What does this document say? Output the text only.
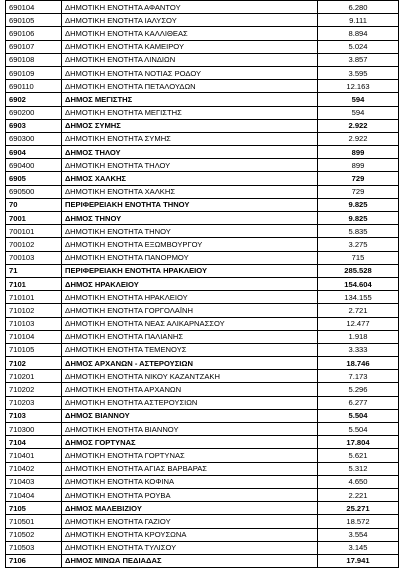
690104	ΔΗΜΟΤΙΚΗ ΕΝΟΤΗΤΑ ΑΦΑΝΤΟΥ	6.280
690105	ΔΗΜΟΤΙΚΗ ΕΝΟΤΗΤΑ ΙΑΛΥΣΟΥ	9.111
690106	ΔΗΜΟΤΙΚΗ ΕΝΟΤΗΤΑ ΚΑΛΛΙΘΕΑΣ	8.894
690107	ΔΗΜΟΤΙΚΗ ΕΝΟΤΗΤΑ ΚΑΜΕΙΡΟΥ	5.024
690108	ΔΗΜΟΤΙΚΗ ΕΝΟΤΗΤΑ ΛΙΝΔΙΩΝ	3.857
690109	ΔΗΜΟΤΙΚΗ ΕΝΟΤΗΤΑ ΝΟΤΙΑΣ ΡΟΔΟΥ	3.595
690110	ΔΗΜΟΤΙΚΗ ΕΝΟΤΗΤΑ ΠΕΤΑΛΟΥΔΩΝ	12.163
6902	ΔΗΜΟΣ ΜΕΓΙΣΤΗΣ	594
690200	ΔΗΜΟΤΙΚΗ ΕΝΟΤΗΤΑ ΜΕΓΙΣΤΗΣ	594
6903	ΔΗΜΟΣ ΣΥΜΗΣ	2.922
690300	ΔΗΜΟΤΙΚΗ ΕΝΟΤΗΤΑ ΣΥΜΗΣ	2.922
6904	ΔΗΜΟΣ ΤΗΛΟΥ	899
690400	ΔΗΜΟΤΙΚΗ ΕΝΟΤΗΤΑ ΤΗΛΟΥ	899
6905	ΔΗΜΟΣ ΧΑΛΚΗΣ	729
690500	ΔΗΜΟΤΙΚΗ ΕΝΟΤΗΤΑ ΧΑΛΚΗΣ	729
70	ΠΕΡΙΦΕΡΕΙΑΚΗ ΕΝΟΤΗΤΑ ΤΗΝΟΥ	9.825
7001	ΔΗΜΟΣ ΤΗΝΟΥ	9.825
700101	ΔΗΜΟΤΙΚΗ ΕΝΟΤΗΤΑ ΤΗΝΟΥ	5.835
700102	ΔΗΜΟΤΙΚΗ ΕΝΟΤΗΤΑ ΕΞΩΜΒΟΥΡΓΟΥ	3.275
700103	ΔΗΜΟΤΙΚΗ ΕΝΟΤΗΤΑ ΠΑΝΟΡΜΟΥ	715
71	ΠΕΡΙΦΕΡΕΙΑΚΗ ΕΝΟΤΗΤΑ ΗΡΑΚΛΕΙΟΥ	285.528
7101	ΔΗΜΟΣ ΗΡΑΚΛΕΙΟΥ	154.604
710101	ΔΗΜΟΤΙΚΗ ΕΝΟΤΗΤΑ ΗΡΑΚΛΕΙΟΥ	134.155
710102	ΔΗΜΟΤΙΚΗ ΕΝΟΤΗΤΑ ΓΟΡΓΟΛΑΪΝΗ	2.721
710103	ΔΗΜΟΤΙΚΗ ΕΝΟΤΗΤΑ ΝΕΑΣ ΑΛΙΚΑΡΝΑΣΣΟΥ	12.477
710104	ΔΗΜΟΤΙΚΗ ΕΝΟΤΗΤΑ ΠΑΛΙΑΝΗΣ	1.918
710105	ΔΗΜΟΤΙΚΗ ΕΝΟΤΗΤΑ ΤΕΜΕΝΟΥΣ	3.333
7102	ΔΗΜΟΣ ΑΡΧΑΝΩΝ - ΑΣΤΕΡΟΥΣΙΩΝ	18.746
710201	ΔΗΜΟΤΙΚΗ ΕΝΟΤΗΤΑ ΝΙΚΟΥ ΚΑΖΑΝΤΖΑΚΗ	7.173
710202	ΔΗΜΟΤΙΚΗ ΕΝΟΤΗΤΑ ΑΡΧΑΝΩΝ	5.296
710203	ΔΗΜΟΤΙΚΗ ΕΝΟΤΗΤΑ ΑΣΤΕΡΟΥΣΙΩΝ	6.277
7103	ΔΗΜΟΣ ΒΙΑΝΝΟΥ	5.504
710300	ΔΗΜΟΤΙΚΗ ΕΝΟΤΗΤΑ ΒΙΑΝΝΟΥ	5.504
7104	ΔΗΜΟΣ ΓΟΡΤΥΝΑΣ	17.804
710401	ΔΗΜΟΤΙΚΗ ΕΝΟΤΗΤΑ ΓΟΡΤΥΝΑΣ	5.621
710402	ΔΗΜΟΤΙΚΗ ΕΝΟΤΗΤΑ ΑΓΙΑΣ ΒΑΡΒΑΡΑΣ	5.312
710403	ΔΗΜΟΤΙΚΗ ΕΝΟΤΗΤΑ ΚΟΦΙΝΑ	4.650
710404	ΔΗΜΟΤΙΚΗ ΕΝΟΤΗΤΑ ΡΟΥΒΑ	2.221
7105	ΔΗΜΟΣ ΜΑΛΕΒΙΖΙΟΥ	25.271
710501	ΔΗΜΟΤΙΚΗ ΕΝΟΤΗΤΑ ΓΑΖΙΟΥ	18.572
710502	ΔΗΜΟΤΙΚΗ ΕΝΟΤΗΤΑ ΚΡΟΥΣΩΝΑ	3.554
710503	ΔΗΜΟΤΙΚΗ ΕΝΟΤΗΤΑ ΤΥΛΙΣΟΥ	3.145
7106	ΔΗΜΟΣ ΜΙΝΩΑ ΠΕΔΙΑΔΑΣ	17.941
